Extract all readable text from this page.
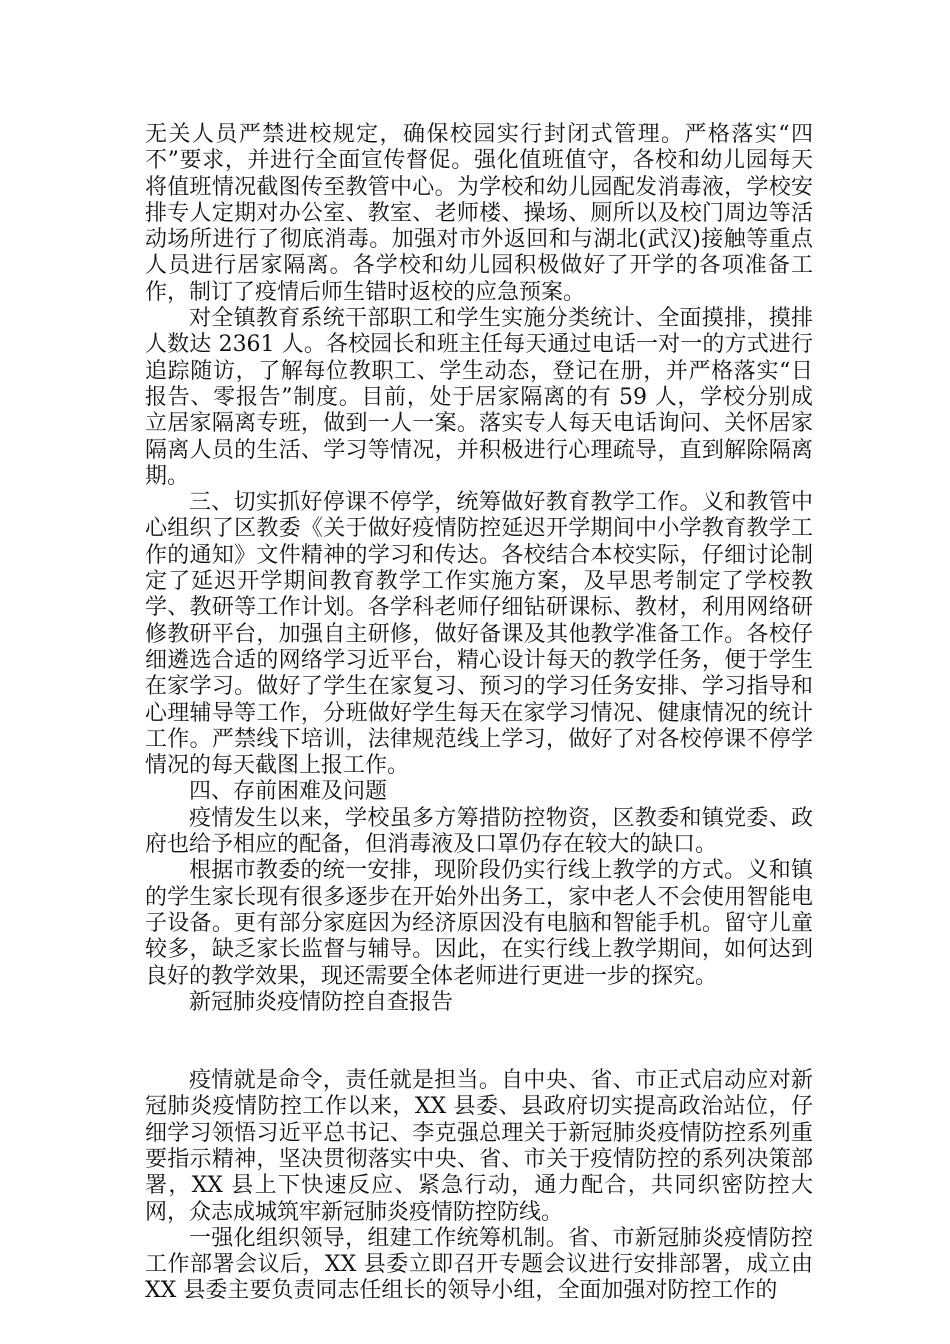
无关人员严禁进校规定，确保校园实行封闭式管理。严格落实“四不”要求，并进行全面宣传督促。强化值班值守，各校和幼儿园每天将值班情况截图传至教管中心。为学校和幼儿园配发消毒液，学校安排专人定期对办公室、教室、老师楼、操场、厕所以及校门周边等活动场所进行了彻底消毒。加强对市外返回和与湖北(武汉)接触等重点人员进行居家隔离。各学校和幼儿园积极做好了开学的各项准备工作，制订了疫情后师生错时返校的应急预案。

对全镇教育系统干部职工和学生实施分类统计、全面摸排，摸排人数达 2361 人。各校园长和班主任每天通过电话一对一的方式进行追踪随访，了解每位教职工、学生动态，登记在册，并严格落实“日报告、零报告”制度。目前，处于居家隔离的有 59 人，学校分别成立居家隔离专班，做到一人一案。落实专人每天电话询问、关怀居家隔离人员的生活、学习等情况，并积极进行心理疏导，直到解除隔离期。

三、切实抓好停课不停学，统筹做好教育教学工作。义和教管中心组织了区教委《关于做好疫情防控延迟开学期间中小学教育教学工作的通知》文件精神的学习和传达。各校结合本校实际，仔细讨论制定了延迟开学期间教育教学工作实施方案，及早思考制定了学校教学、教研等工作计划。各学科老师仔细钻研课标、教材，利用网络研修教研平台，加强自主研修，做好备课及其他教学准备工作。各校仔细遴选合适的网络学习近平台，精心设计每天的教学任务，便于学生在家学习。做好了学生在家复习、预习的学习任务安排、学习指导和心理辅导等工作，分班做好学生每天在家学习情况、健康情况的统计工作。严禁线下培训，法律规范线上学习，做好了对各校停课不停学情况的每天截图上报工作。

四、存前困难及问题

疫情发生以来，学校虽多方筹措防控物资，区教委和镇党委、政府也给予相应的配备，但消毒液及口罩仍存在较大的缺口。

根据市教委的统一安排，现阶段仍实行线上教学的方式。义和镇的学生家长现有很多逐步在开始外出务工，家中老人不会使用智能电子设备。更有部分家庭因为经济原因没有电脑和智能手机。留守儿童较多，缺乏家长监督与辅导。因此，在实行线上教学期间，如何达到良好的教学效果，现还需要全体老师进行更进一步的探究。

新冠肺炎疫情防控自查报告

疫情就是命令，责任就是担当。自中央、省、市正式启动应对新冠肺炎疫情防控工作以来，XX 县委、县政府切实提高政治站位，仔细学习领悟习近平总书记、李克强总理关于新冠肺炎疫情防控系列重要指示精神，坚决贯彻落实中央、省、市关于疫情防控的系列决策部署，XX 县上下快速反应、紧急行动，通力配合，共同织密防控大网，众志成城筑牢新冠肺炎疫情防控防线。

一强化组织领导，组建工作统筹机制。省、市新冠肺炎疫情防控工作部署会议后，XX 县委立即召开专题会议进行安排部署，成立由 XX 县委主要负责同志任组长的领导小组，全面加强对防控工作的
